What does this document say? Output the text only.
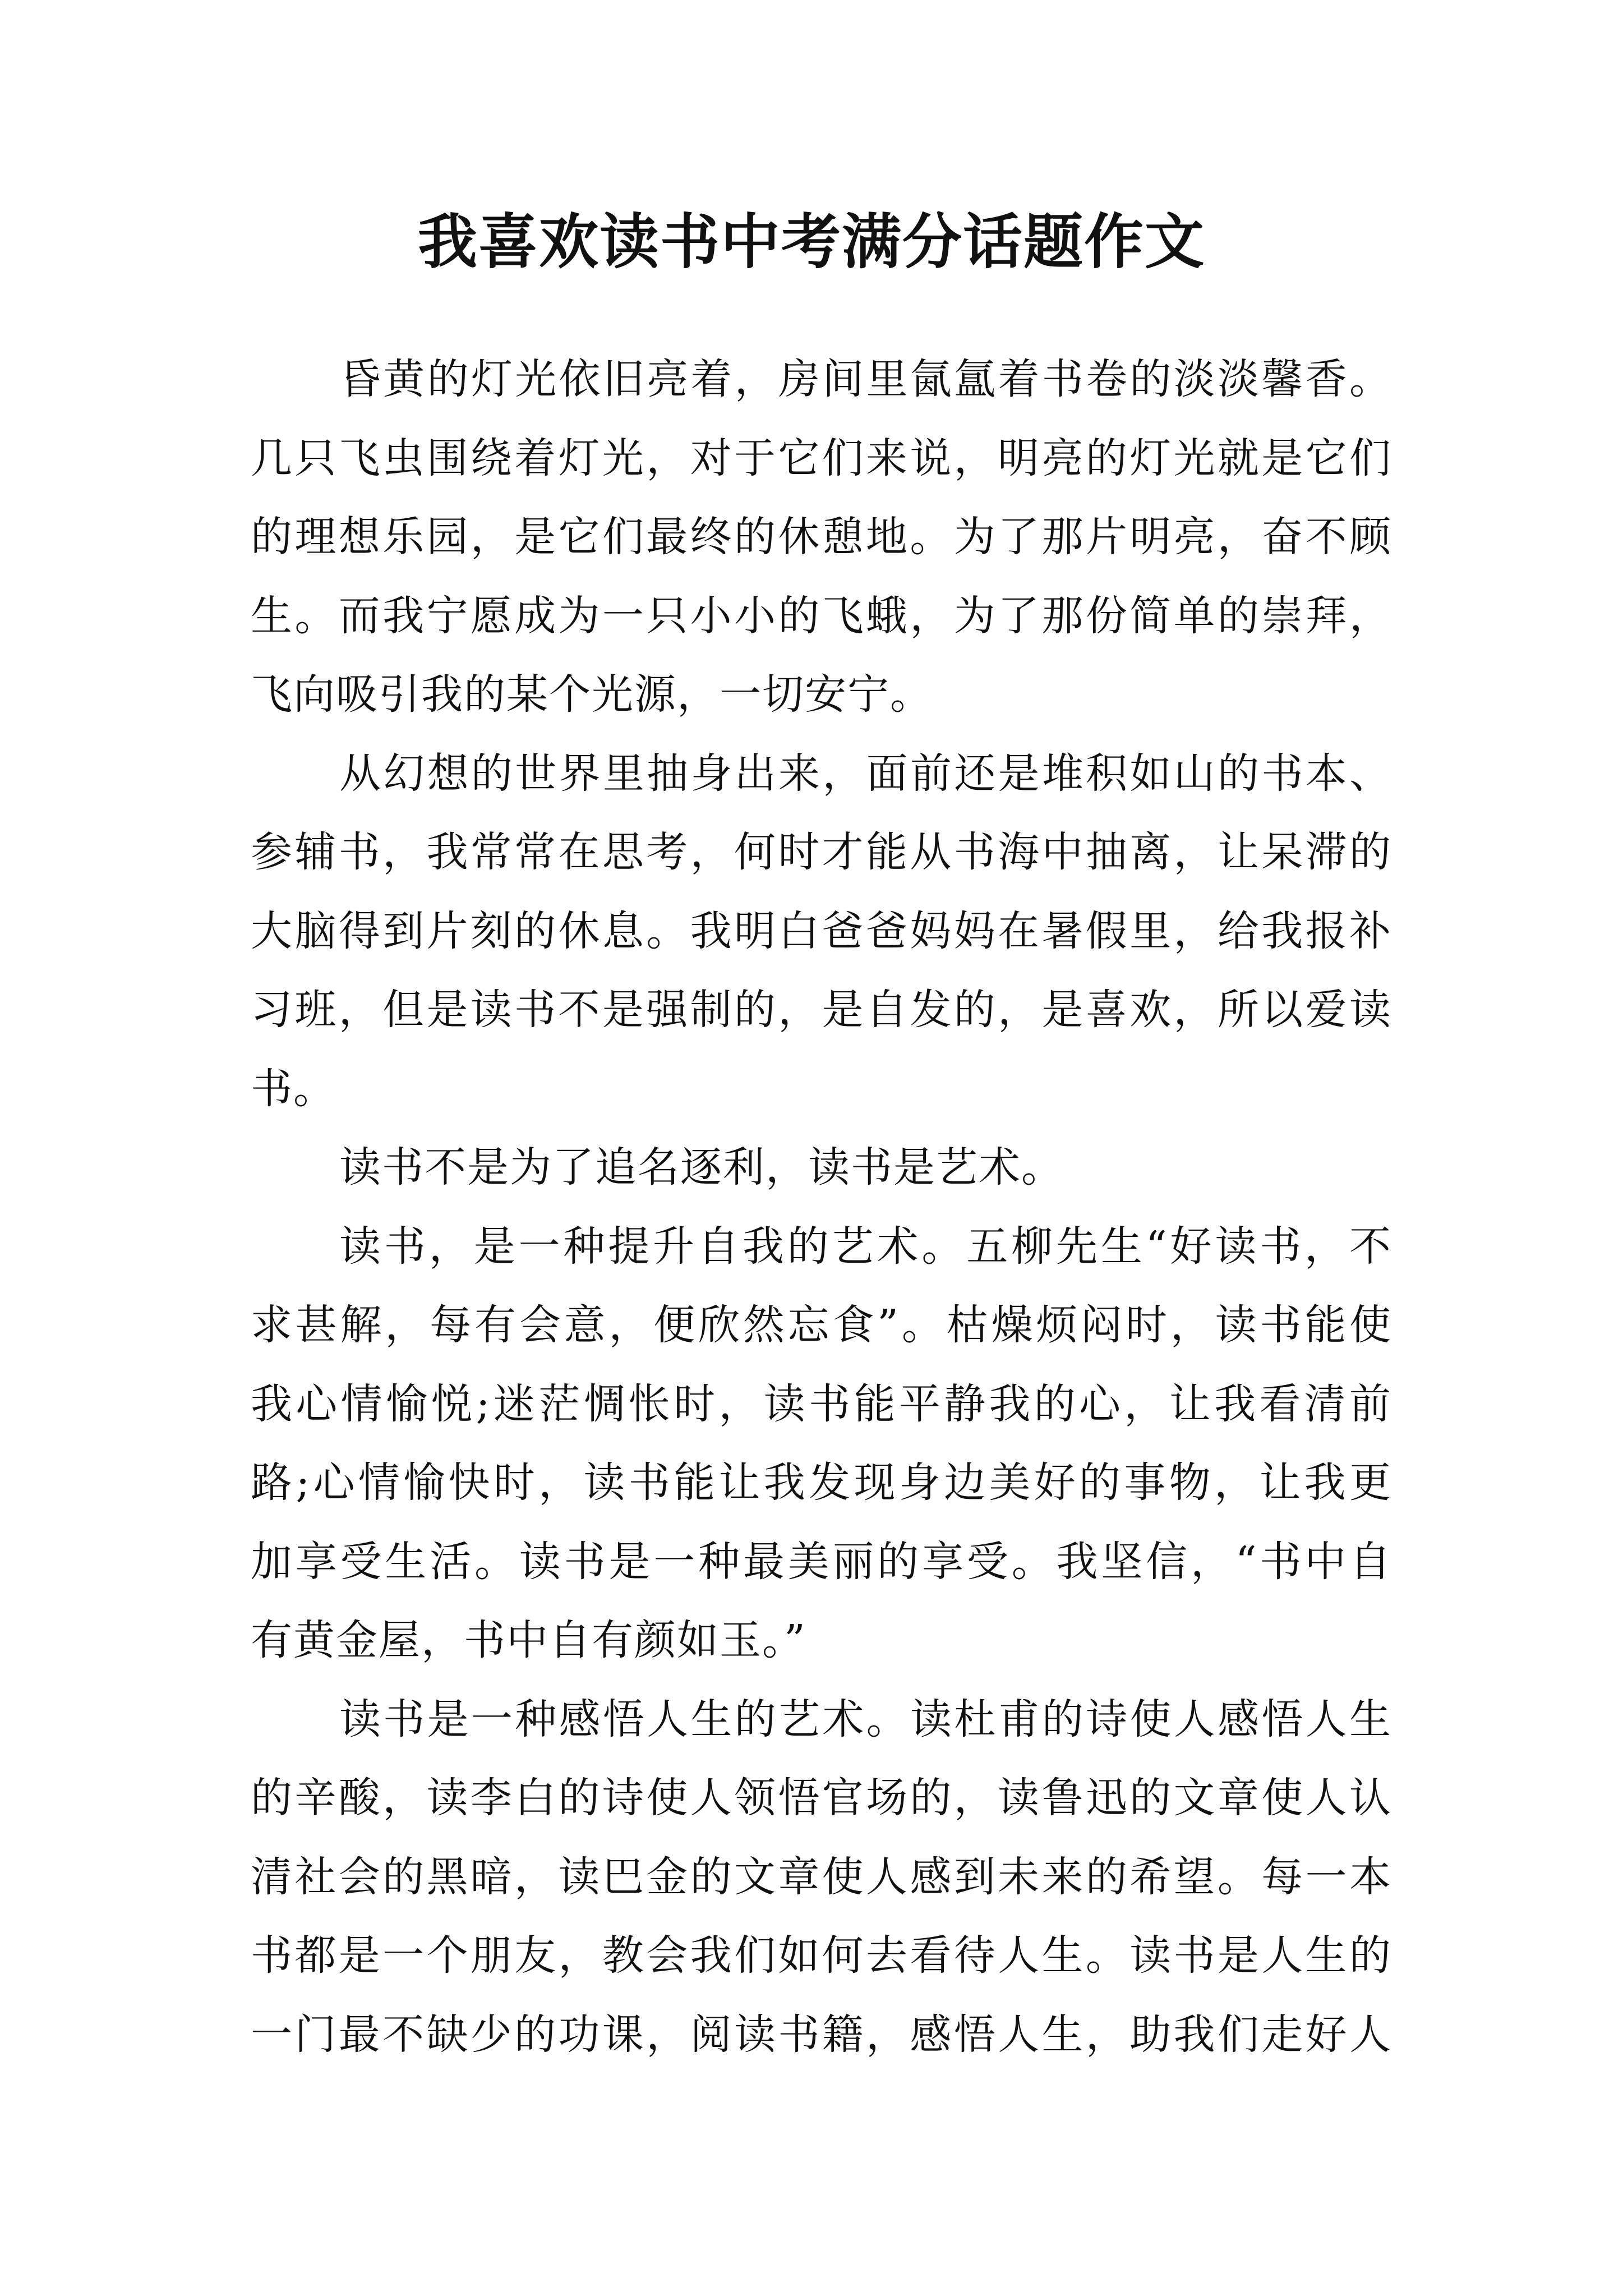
我喜欢读书中考满分话题作文
昏黄的灯光依旧亮着，房间里氤氲着书卷的淡淡馨香。
几只飞虫围绕着灯光，对于它们来说，明亮的灯光就是它们
的理想乐园，是它们最终的休憩地。为了那片明亮，奋不顾
生。而我宁愿成为一只小小的飞蛾，为了那份简单的崇拜，
飞向吸引我的某个光源，一切安宁。
从幻想的世界里抽身出来，面前还是堆积如山的书本、
参辅书，我常常在思考，何时才能从书海中抽离，让呆滞的
大脑得到片刻的休息。我明白爸爸妈妈在暑假里，给我报补
习班，但是读书不是强制的，是自发的，是喜欢，所以爱读
书。
读书不是为了追名逐利，读书是艺术。
读书，是一种提升自我的艺术。五柳先生“好读书，不
求甚解，每有会意，便欣然忘食”。枯燥烦闷时，读书能使
我心情愉悦;迷茫惆怅时，读书能平静我的心，让我看清前
路;心情愉快时，读书能让我发现身边美好的事物，让我更
加享受生活。读书是一种最美丽的享受。我坚信，“书中自
有黄金屋，书中自有颜如玉。”
读书是一种感悟人生的艺术。读杜甫的诗使人感悟人生
的辛酸，读李白的诗使人领悟官场的，读鲁迅的文章使人认
清社会的黑暗，读巴金的文章使人感到未来的希望。每一本
书都是一个朋友，教会我们如何去看待人生。读书是人生的
一门最不缺少的功课，阅读书籍，感悟人生，助我们走好人
